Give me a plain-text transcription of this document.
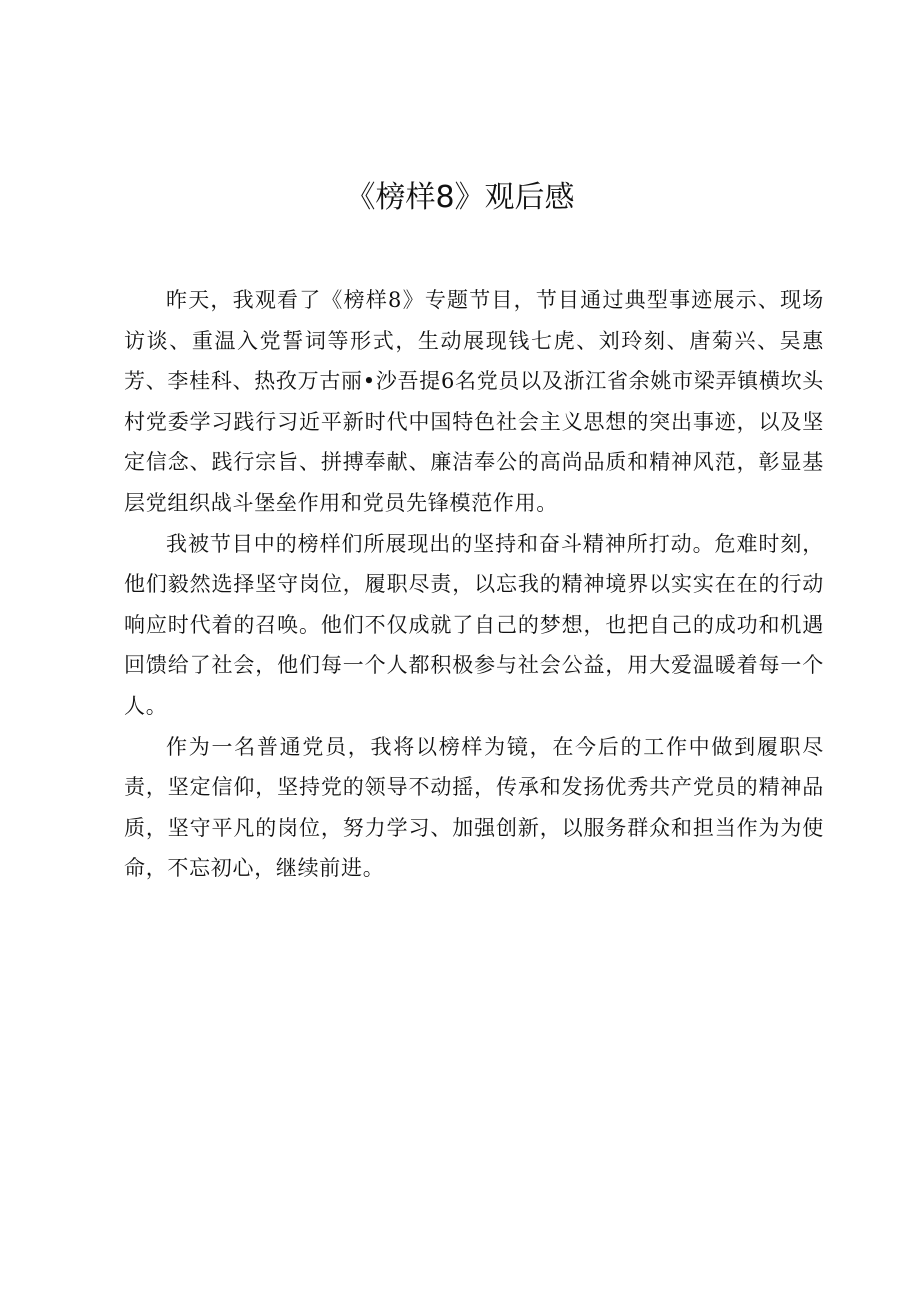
《榜样8》观后感

昨天，我观看了《榜样8》专题节目，节目通过典型事迹展示、现场访谈、重温入党誓词等形式，生动展现钱七虎、刘玲刻、唐菊兴、吴惠芳、李桂科、热孜万古丽•沙吾提6名党员以及浙江省余姚市梁弄镇横坎头村党委学习践行习近平新时代中国特色社会主义思想的突出事迹，以及坚定信念、践行宗旨、拼搏奉献、廉洁奉公的高尚品质和精神风范，彰显基层党组织战斗堡垒作用和党员先锋模范作用。

我被节目中的榜样们所展现出的坚持和奋斗精神所打动。危难时刻，他们毅然选择坚守岗位，履职尽责，以忘我的精神境界以实实在在的行动响应时代着的召唤。他们不仅成就了自己的梦想，也把自己的成功和机遇回馈给了社会，他们每一个人都积极参与社会公益，用大爱温暖着每一个人。

作为一名普通党员，我将以榜样为镜，在今后的工作中做到履职尽责，坚定信仰，坚持党的领导不动摇，传承和发扬优秀共产党员的精神品质，坚守平凡的岗位，努力学习、加强创新，以服务群众和担当作为为使命，不忘初心，继续前进。
